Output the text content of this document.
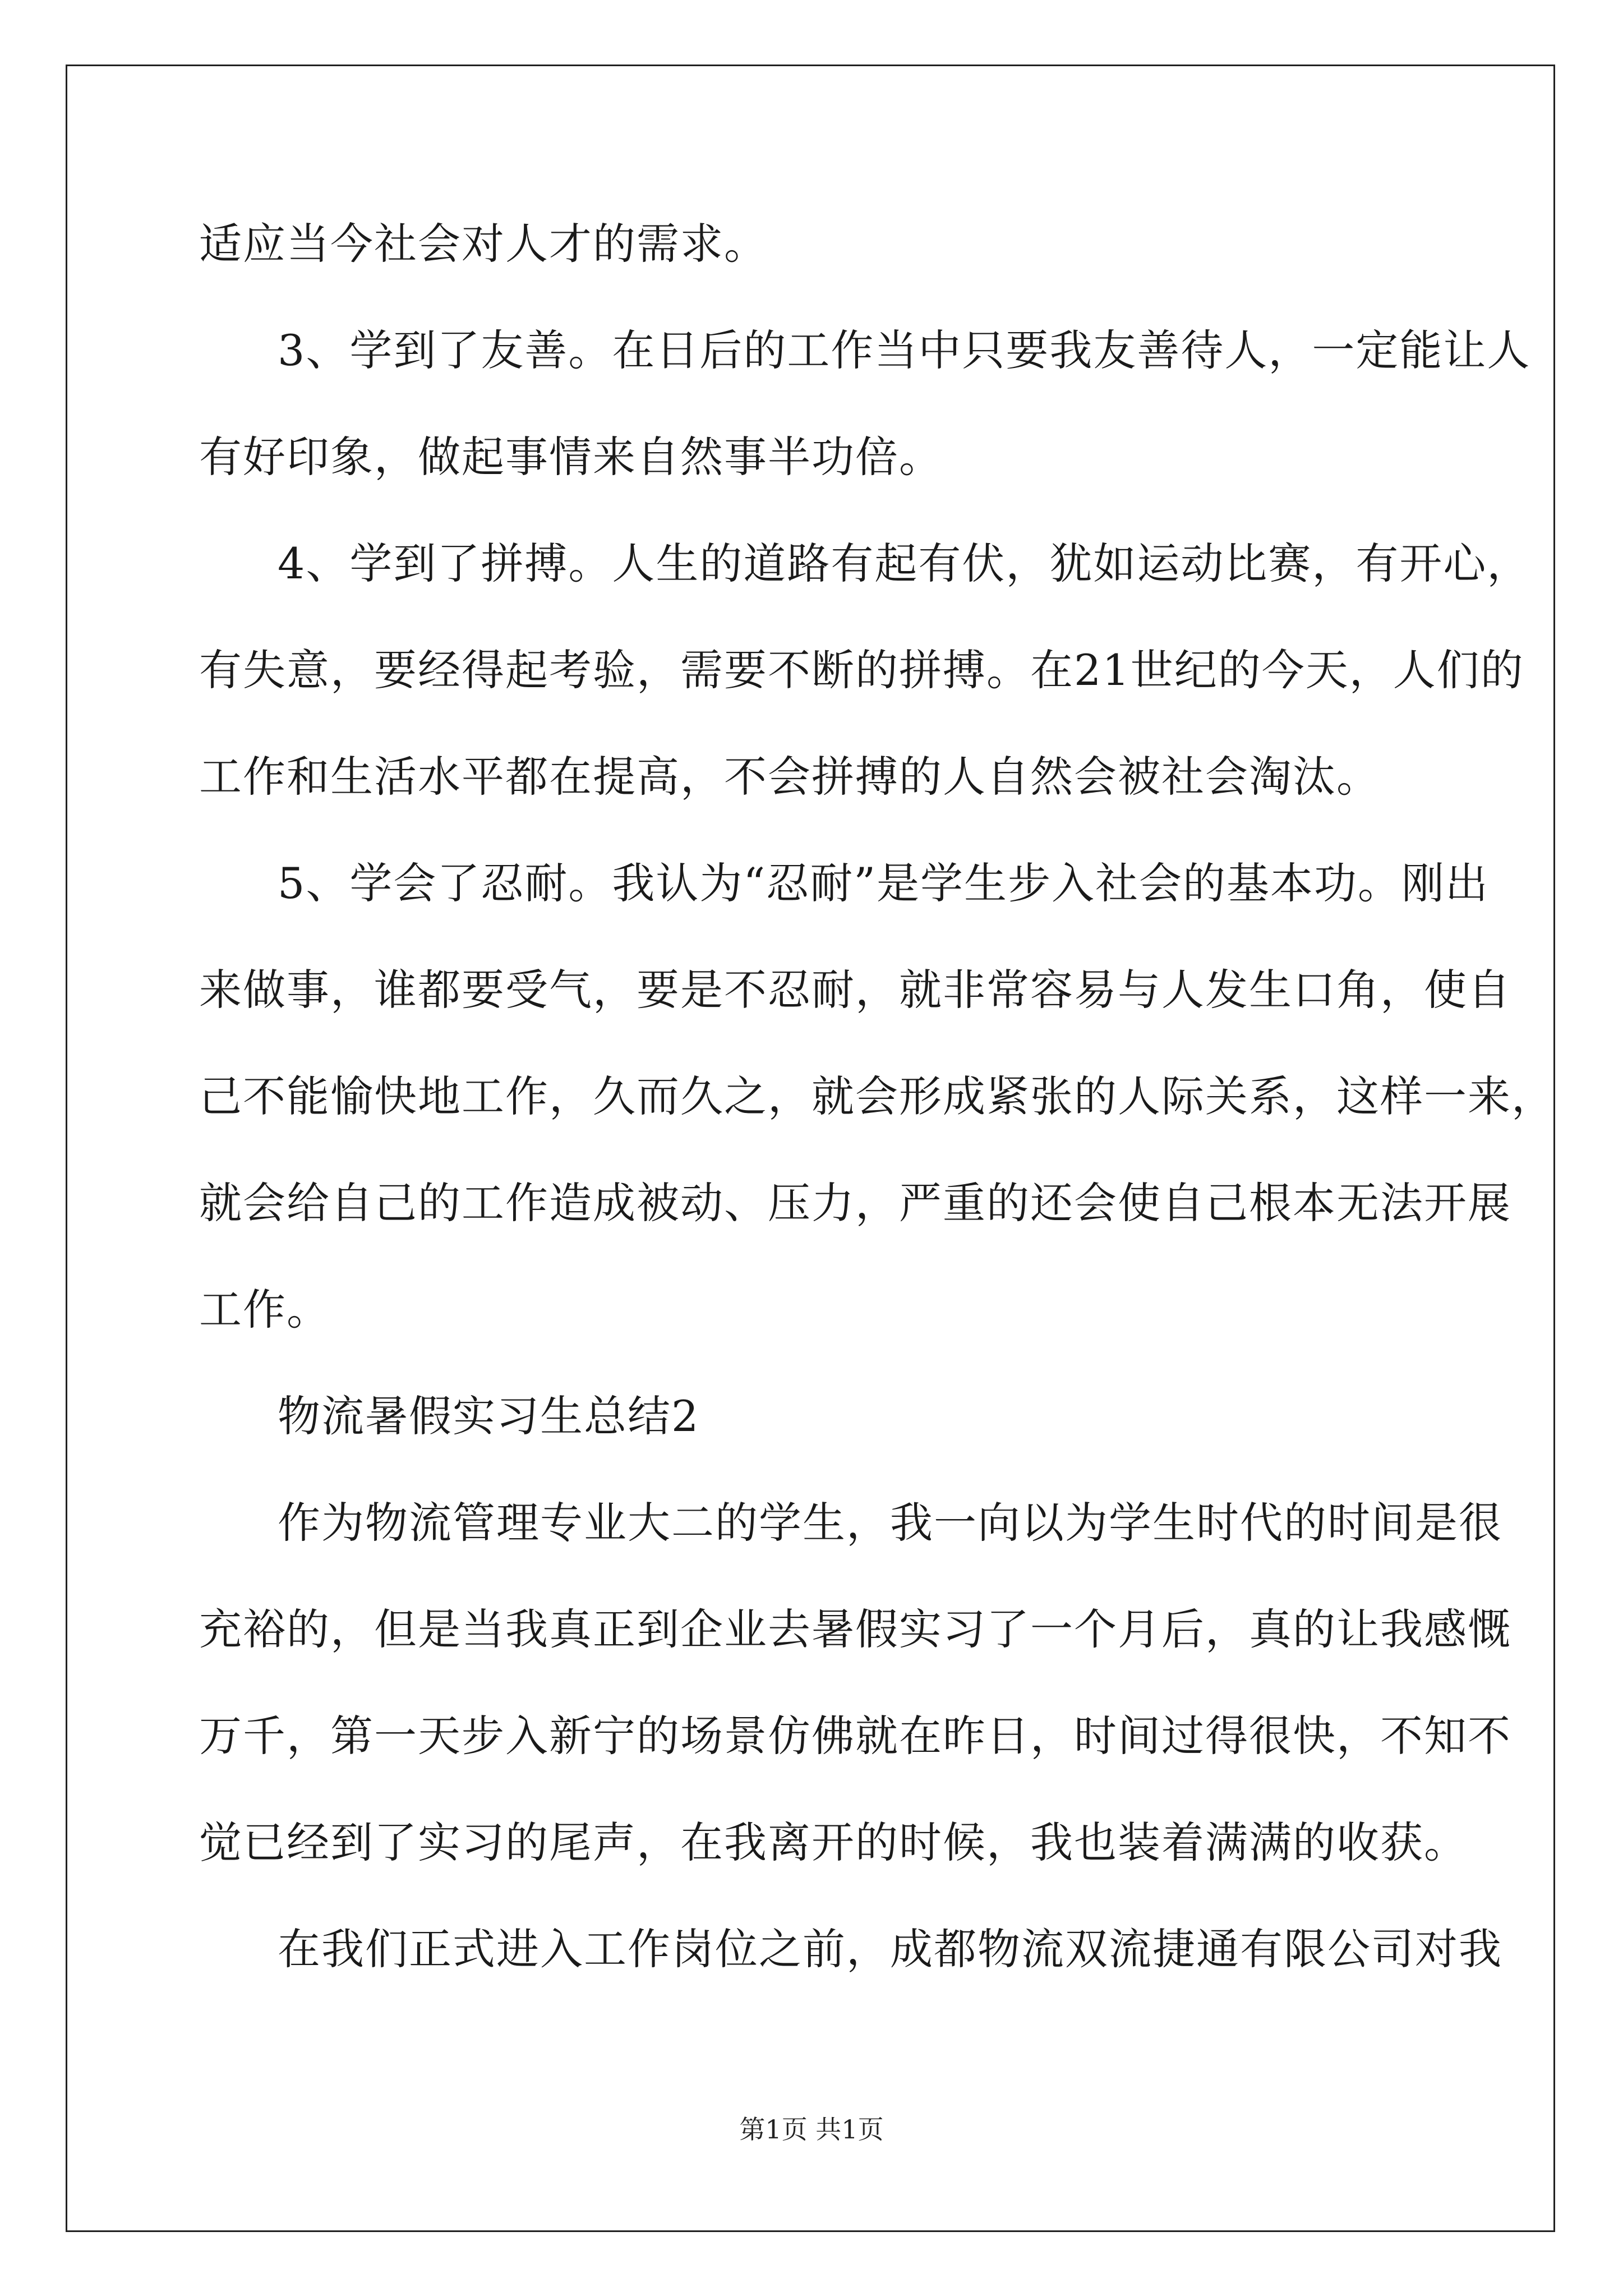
适应当今社会对人才的需求。
3、学到了友善。在日后的工作当中只要我友善待人，一定能让人
有好印象，做起事情来自然事半功倍。
4、学到了拼搏。人生的道路有起有伏，犹如运动比赛，有开心，
有失意，要经得起考验，需要不断的拼搏。在21世纪的今天，人们的
工作和生活水平都在提高，不会拼搏的人自然会被社会淘汰。
5、学会了忍耐。我认为“忍耐”是学生步入社会的基本功。刚出
来做事，谁都要受气，要是不忍耐，就非常容易与人发生口角，使自
己不能愉快地工作，久而久之，就会形成紧张的人际关系，这样一来，
就会给自己的工作造成被动、压力，严重的还会使自己根本无法开展
工作。
物流暑假实习生总结2
作为物流管理专业大二的学生，我一向以为学生时代的时间是很
充裕的，但是当我真正到企业去暑假实习了一个月后，真的让我感慨
万千，第一天步入新宁的场景仿佛就在昨日，时间过得很快，不知不
觉已经到了实习的尾声，在我离开的时候，我也装着满满的收获。
在我们正式进入工作岗位之前，成都物流双流捷通有限公司对我
第1页 共1页
